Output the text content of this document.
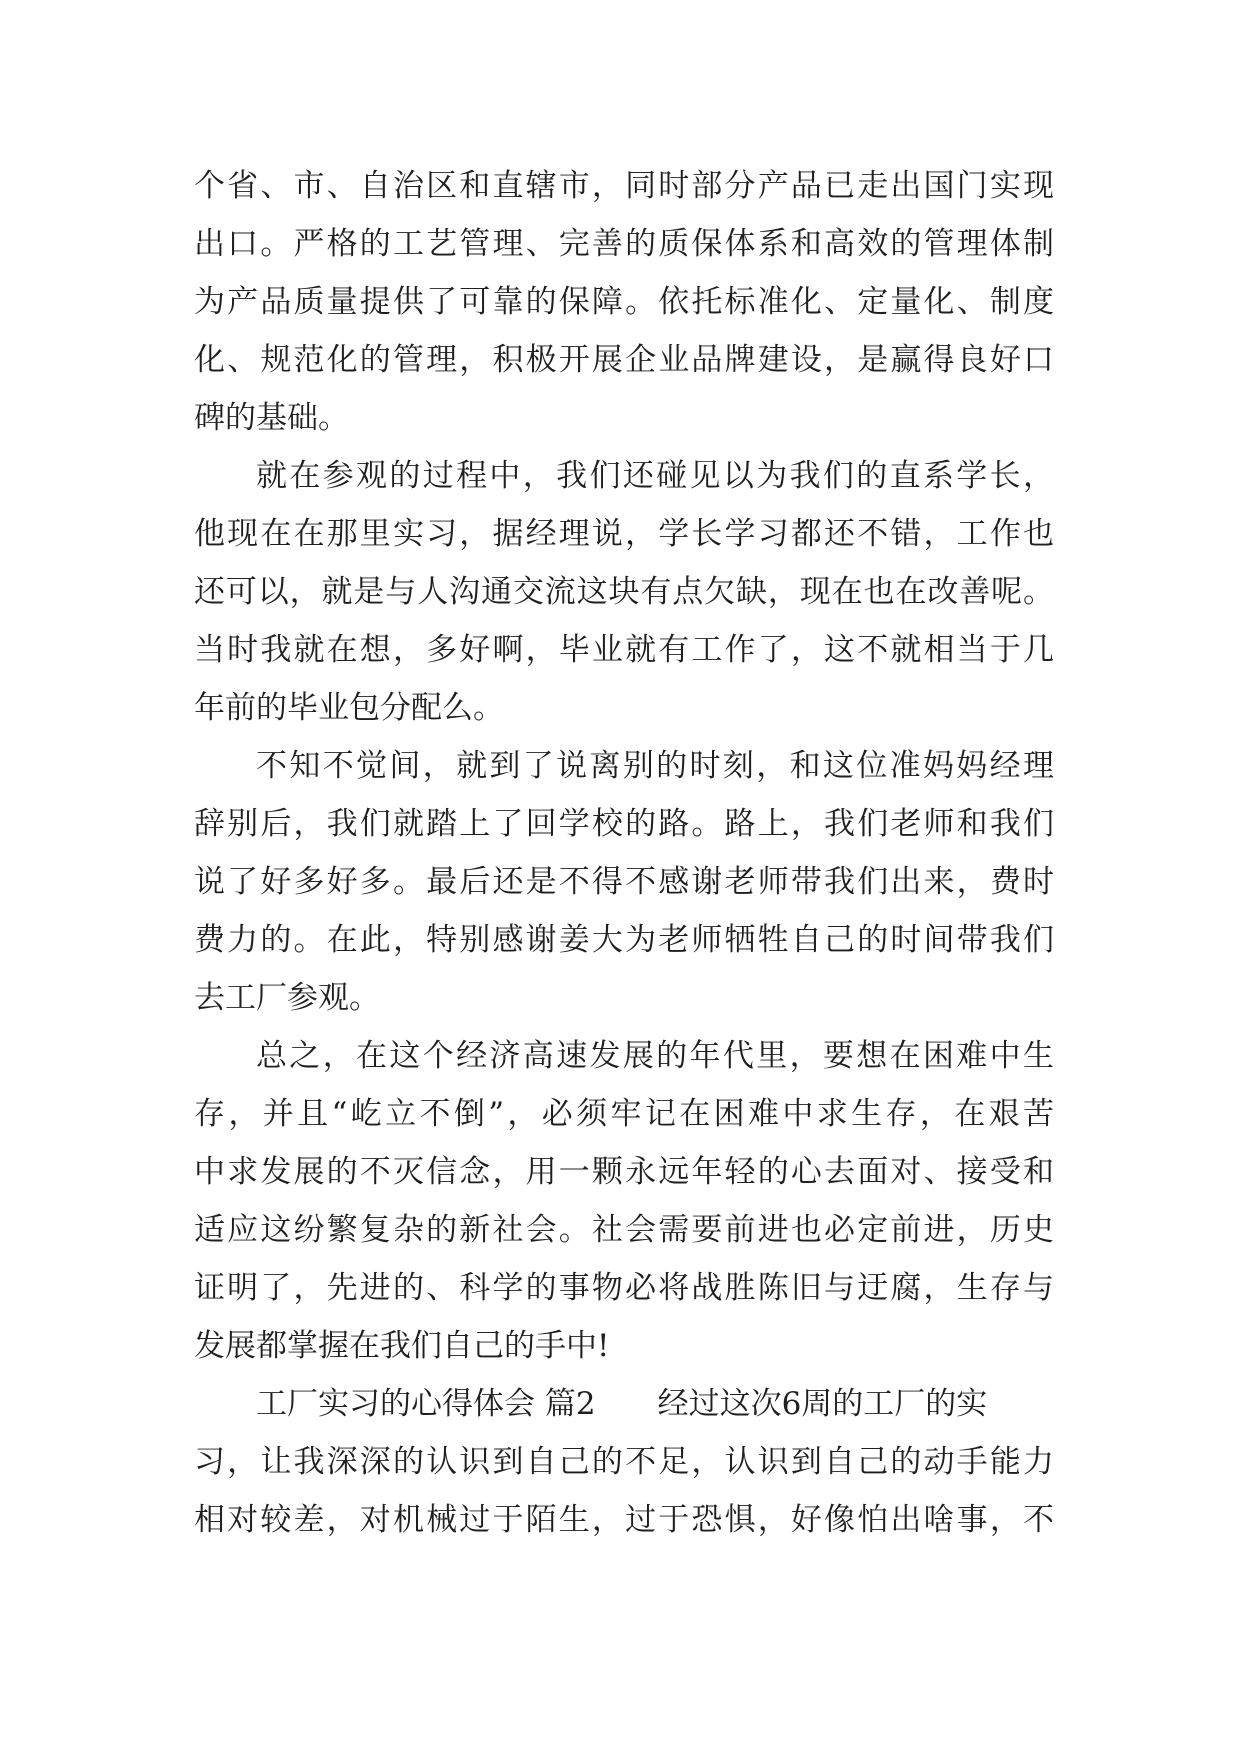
个省、市、自治区和直辖市，同时部分产品已走出国门实现
出口。严格的工艺管理、完善的质保体系和高效的管理体制
为产品质量提供了可靠的保障。依托标准化、定量化、制度
化、规范化的管理，积极开展企业品牌建设，是赢得良好口
碑的基础。
就在参观的过程中，我们还碰见以为我们的直系学长，
他现在在那里实习，据经理说，学长学习都还不错，工作也
还可以，就是与人沟通交流这块有点欠缺，现在也在改善呢。
当时我就在想，多好啊，毕业就有工作了，这不就相当于几
年前的毕业包分配么。
不知不觉间，就到了说离别的时刻，和这位准妈妈经理
辞别后，我们就踏上了回学校的路。路上，我们老师和我们
说了好多好多。最后还是不得不感谢老师带我们出来，费时
费力的。在此，特别感谢姜大为老师牺牲自己的时间带我们
去工厂参观。
总之，在这个经济高速发展的年代里，要想在困难中生
存，并且“屹立不倒”，必须牢记在困难中求生存，在艰苦
中求发展的不灭信念，用一颗永远年轻的心去面对、接受和
适应这纷繁复杂的新社会。社会需要前进也必定前进，历史
证明了，先进的、科学的事物必将战胜陈旧与迂腐，生存与
发展都掌握在我们自己的手中!
工厂实习的心得体会 篇2　　经过这次6周的工厂的实
习，让我深深的认识到自己的不足，认识到自己的动手能力
相对较差，对机械过于陌生，过于恐惧，好像怕出啥事，不
